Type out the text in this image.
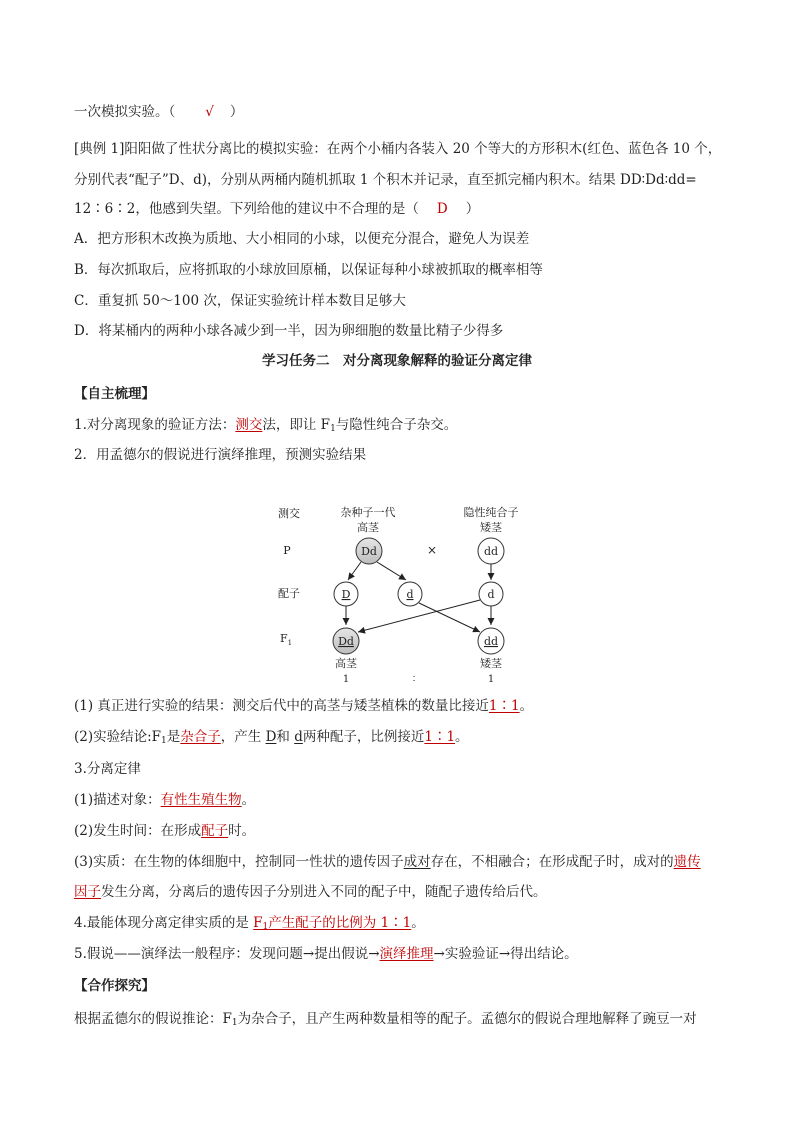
一次模拟实验。（ √ ）
[典例 1]阳阳做了性状分离比的模拟实验：在两个小桶内各装入 20 个等大的方形积木(红色、蓝色各 10 个，
分别代表“配子”D、d)，分别从两桶内随机抓取 1 个积木并记录，直至抓完桶内积木。结果 DD∶Dd∶dd=
12∶6∶2，他感到失望。下列给他的建议中不合理的是（ D ）
A．把方形积木改换为质地、大小相同的小球，以便充分混合，避免人为误差
B．每次抓取后，应将抓取的小球放回原桶，以保证每种小球被抓取的概率相等
C．重复抓 50～100 次，保证实验统计样本数目足够大
D．将某桶内的两种小球各减少到一半，因为卵细胞的数量比精子少得多
学习任务二　对分离现象解释的验证分离定律
【自主梳理】
1.对分离现象的验证方法：测交法，即让 $F_1$与隐性纯合子杂交。
2．用孟德尔的假说进行演绎推理，预测实验结果
测交
P
配子
$F_1$
杂种子一代
高茎
隐性纯合子
矮茎
Dd	×	dd
D	d	d
Dd	dd
高茎	矮茎
1	∶	1
(1) 真正进行实验的结果：测交后代中的高茎与矮茎植株的数量比接近1∶1。
(2)实验结论$:F_1$是杂合子，产生 D和 d两种配子，比例接近1∶1。
3.分离定律
(1)描述对象：有性生殖生物。
(2)发生时间：在形成配子时。
(3)实质：在生物的体细胞中，控制同一性状的遗传因子成对存在，不相融合；在形成配子时，成对的遗传
因子发生分离，分离后的遗传因子分别进入不同的配子中，随配子遗传给后代。
4.最能体现分离定律实质的是 $F_1$产生配子的比例为 1∶1。
5.假说——演绎法一般程序：发现问题→提出假说→演绎推理→实验验证→得出结论。
【合作探究】
根据孟德尔的假说推论：$F_1$为杂合子，且产生两种数量相等的配子。孟德尔的假说合理地解释了豌豆一对
